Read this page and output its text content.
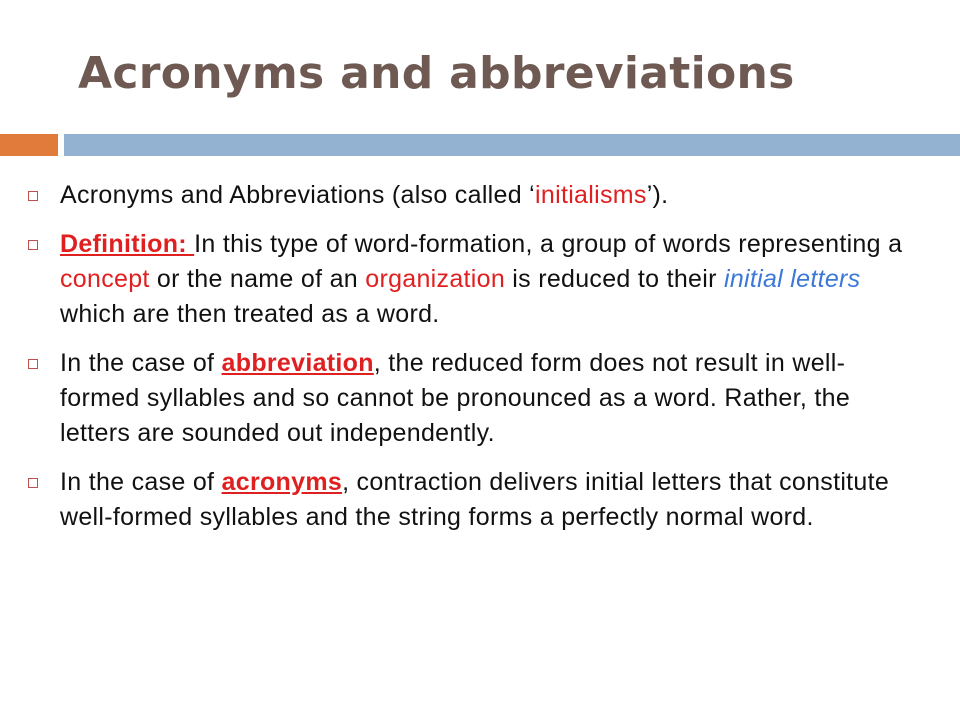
Acronyms and abbreviations
Acronyms and Abbreviations (also called ‘initialisms’).
Definition: In this type of word-formation, a group of words representing a concept or the name of an organization is reduced to their initial letters which are then treated as a word.
In the case of abbreviation, the reduced form does not result in well-formed syllables and so cannot be pronounced as a word. Rather, the letters are sounded out independently.
In the case of acronyms, contraction delivers initial letters that constitute well-formed syllables and the string forms a perfectly normal word.
